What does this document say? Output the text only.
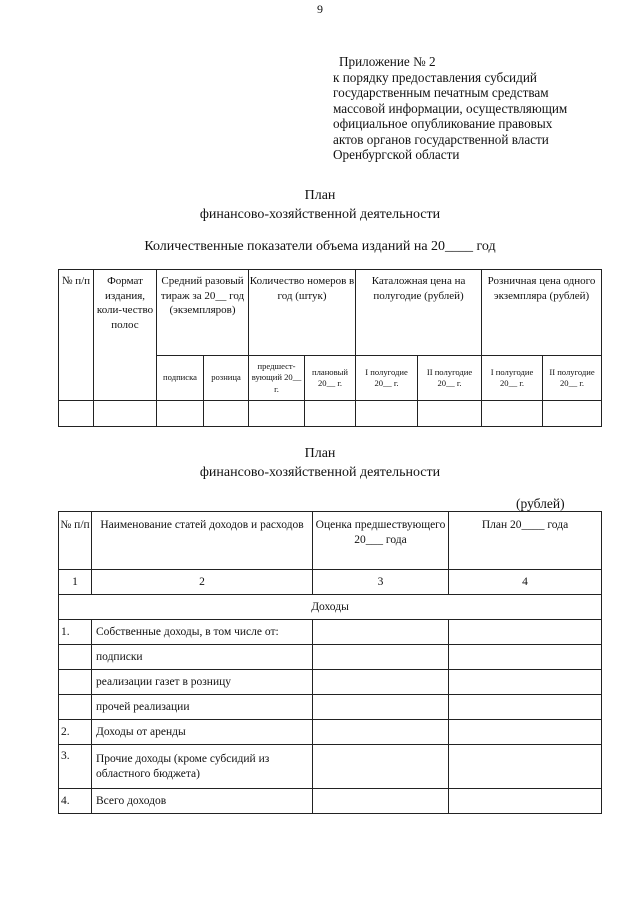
9
Приложение № 2
к порядку предоставления субсидий
государственным печатным средствам
массовой информации, осуществляющим
официальное опубликование правовых
актов органов государственной власти
Оренбургской области
План
финансово-хозяйственной деятельности
Количественные показатели объема изданий на 20____ год
№ п/п	Формат издания, коли-чество полос	Средний разовый тираж за 20__ год (экземпляров)		Количество номеров в год (штук)		Каталожная цена на полугодие (рублей)		Розничная цена одного экземпляра (рублей)	
		подписка	розница	предшест-вующий 20__ г.	плановый 20__ г.	I полугодие 20__ г.	II полугодие 20__ г.	I полугодие 20__ г.	II полугодие 20__ г.

План
финансово-хозяйственной деятельности
(рублей)
№ п/п	Наименование статей доходов и расходов	Оценка предшествующего 20___ года	План 20____ года
1	2	3	4
Доходы			
1.	Собственные доходы, в том числе от:		
	подписки		
	реализации газет в розницу		
	прочей реализации		
2.	Доходы от аренды		
3.	Прочие доходы (кроме субсидий из областного бюджета)		
4.	Всего доходов		
